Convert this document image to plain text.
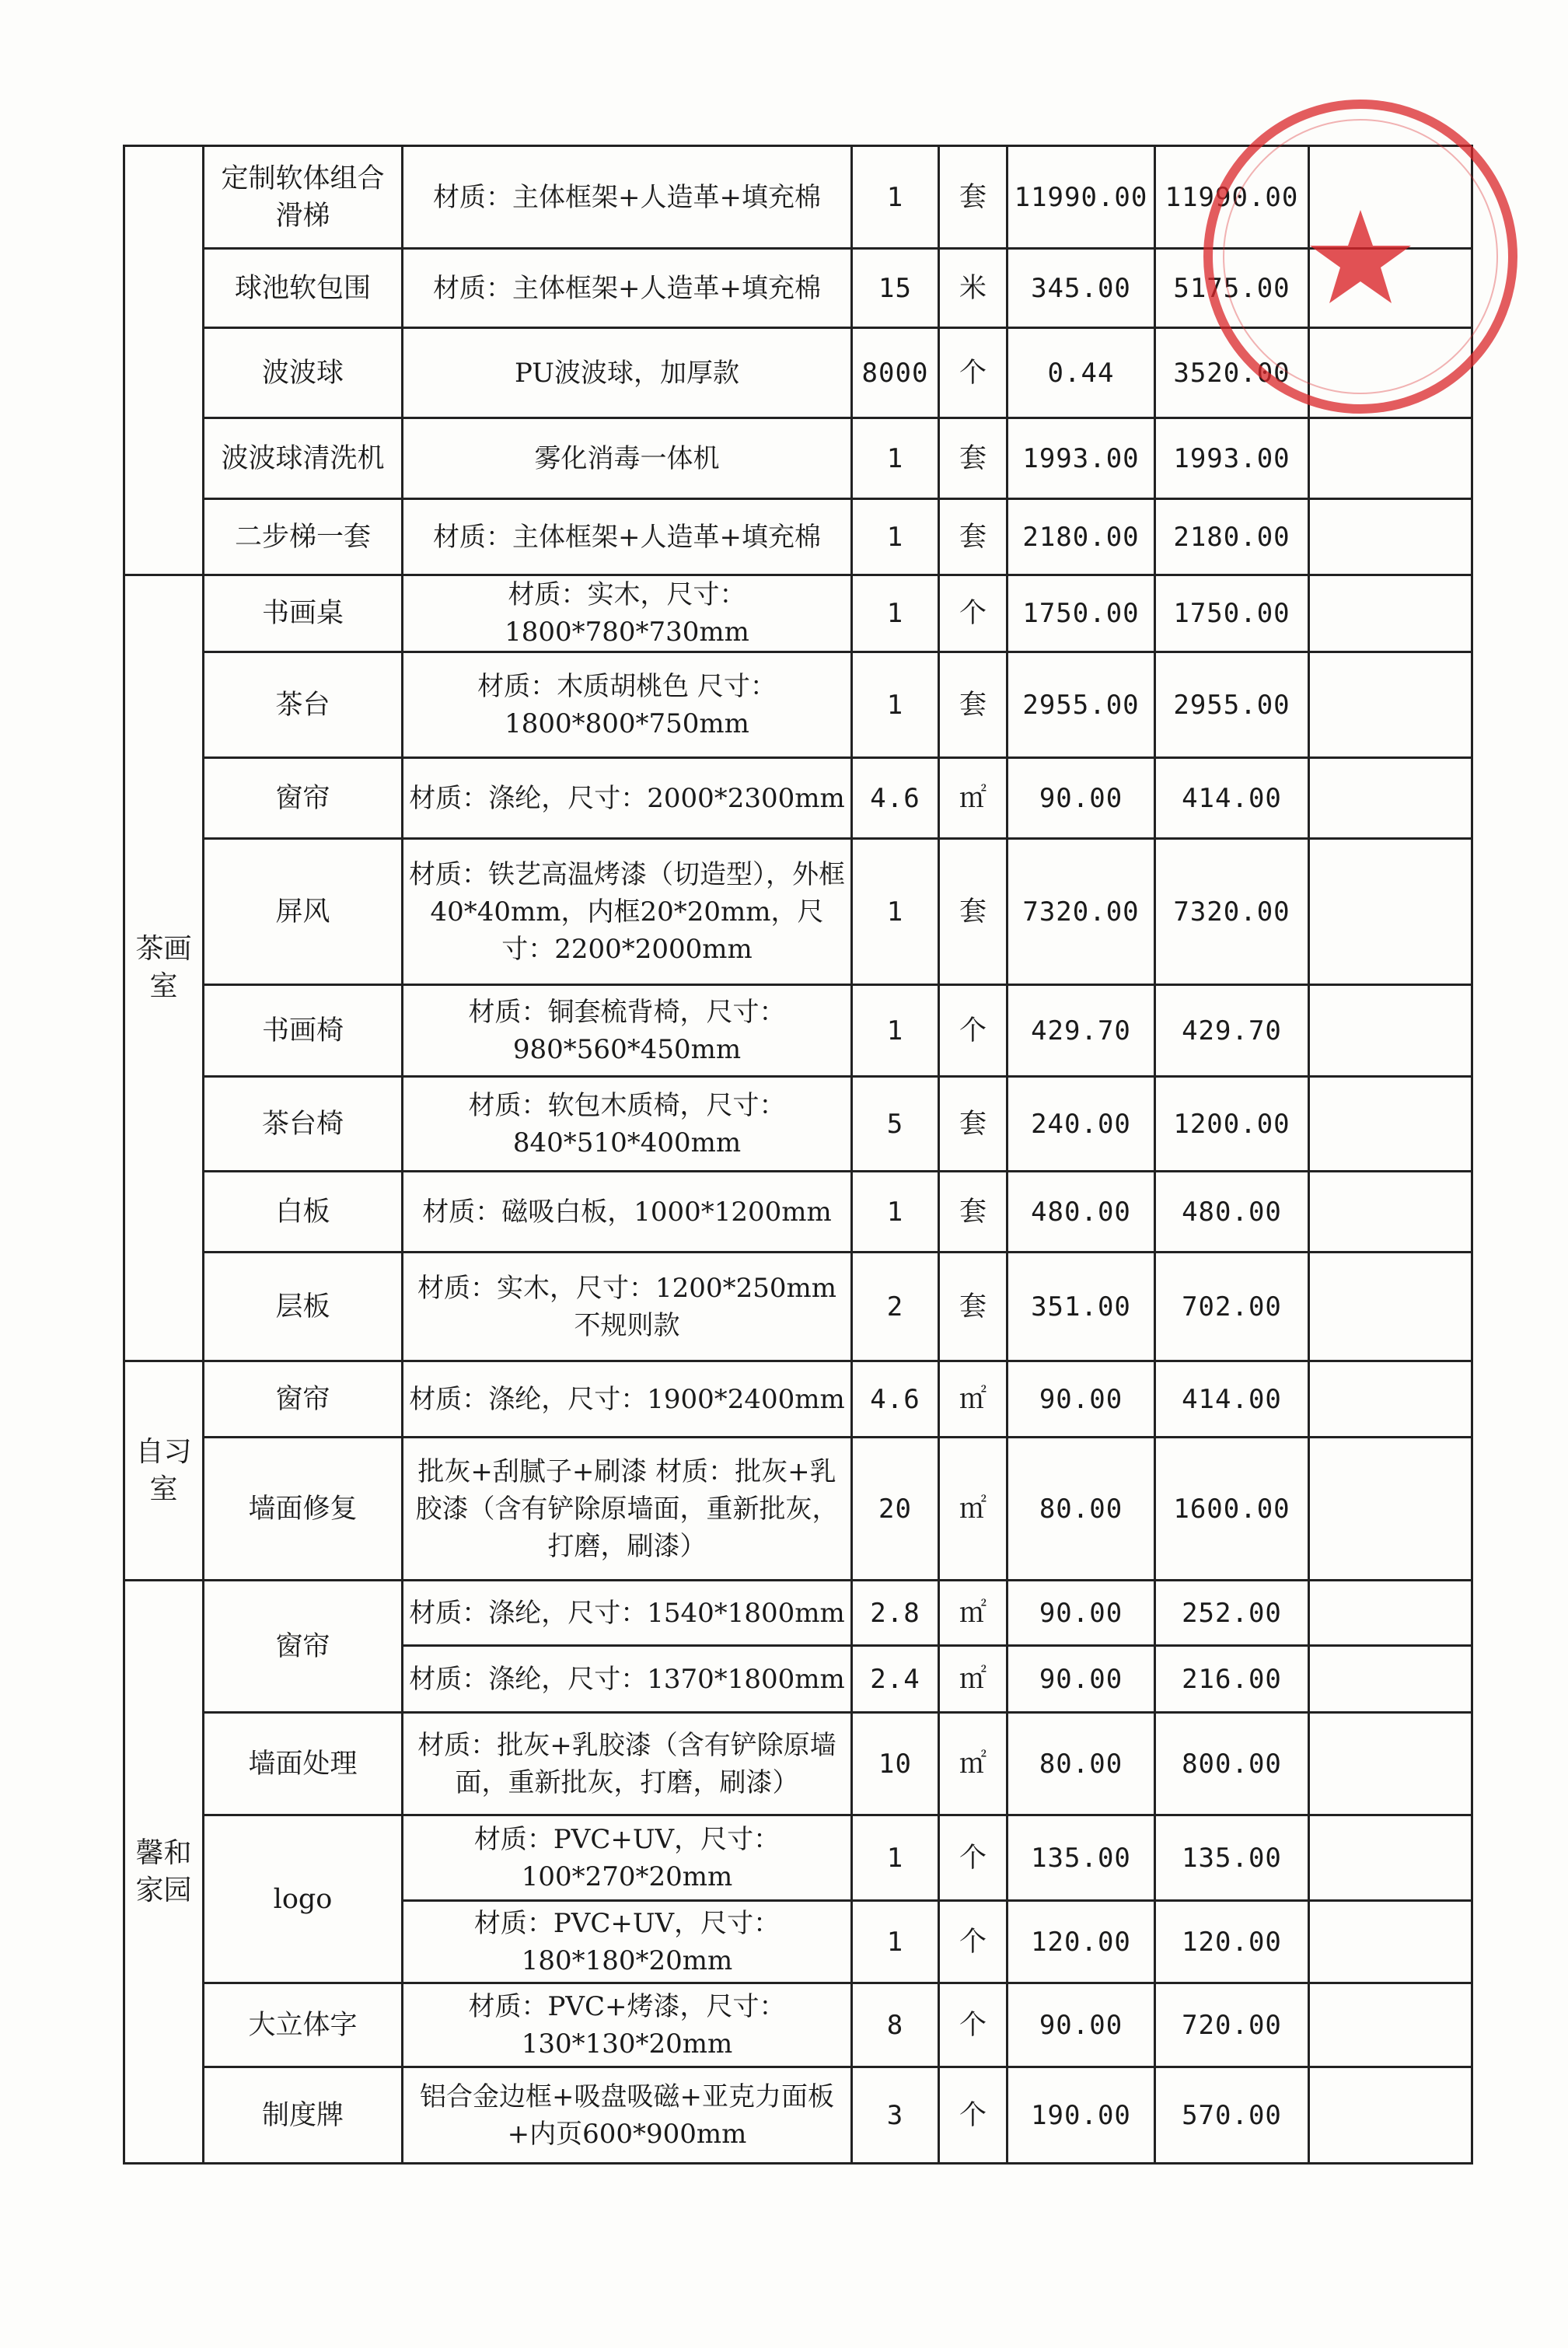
	定制软体组合滑梯	材质：主体框架+人造革+填充棉	1	套	11990.00	11990.00	
	球池软包围	材质：主体框架+人造革+填充棉	15	米	345.00	5175.00	
	波波球	PU波波球，加厚款	8000	个	0.44	3520.00	
	波波球清洗机	雾化消毒一体机	1	套	1993.00	1993.00	
	二步梯一套	材质：主体框架+人造革+填充棉	1	套	2180.00	2180.00	
茶画室	书画桌	材质：实木，尺寸：1800*780*730mm	1	个	1750.00	1750.00	
	茶台	材质：木质胡桃色 尺寸：1800*800*750mm	1	套	2955.00	2955.00	
	窗帘	材质：涤纶，尺寸：2000*2300mm	4.6	㎡	90.00	414.00	
	屏风	材质：铁艺高温烤漆（切造型），外框40*40mm，内框20*20mm，尺寸：2200*2000mm	1	套	7320.00	7320.00	
	书画椅	材质：铜套梳背椅，尺寸：980*560*450mm	1	个	429.70	429.70	
	茶台椅	材质：软包木质椅，尺寸：840*510*400mm	5	套	240.00	1200.00	
	白板	材质：磁吸白板，1000*1200mm	1	套	480.00	480.00	
	层板	材质：实木，尺寸：1200*250mm不规则款	2	套	351.00	702.00	
自习室	窗帘	材质：涤纶，尺寸：1900*2400mm	4.6	㎡	90.00	414.00	
	墙面修复	批灰+刮腻子+刷漆 材质：批灰+乳胶漆（含有铲除原墙面，重新批灰，打磨，刷漆）	20	㎡	80.00	1600.00	
馨和家园	窗帘	材质：涤纶，尺寸：1540*1800mm	2.8	㎡	90.00	252.00	
		材质：涤纶，尺寸：1370*1800mm	2.4	㎡	90.00	216.00	
	墙面处理	材质：批灰+乳胶漆（含有铲除原墙面，重新批灰，打磨，刷漆）	10	㎡	80.00	800.00	
	logo	材质：PVC+UV，尺寸：100*270*20mm	1	个	135.00	135.00	
		材质：PVC+UV，尺寸：180*180*20mm	1	个	120.00	120.00	
	大立体字	材质：PVC+烤漆，尺寸：130*130*20mm	8	个	90.00	720.00	
	制度牌	铝合金边框+吸盘吸磁+亚克力面板+内页600*900mm	3	个	190.00	570.00	
